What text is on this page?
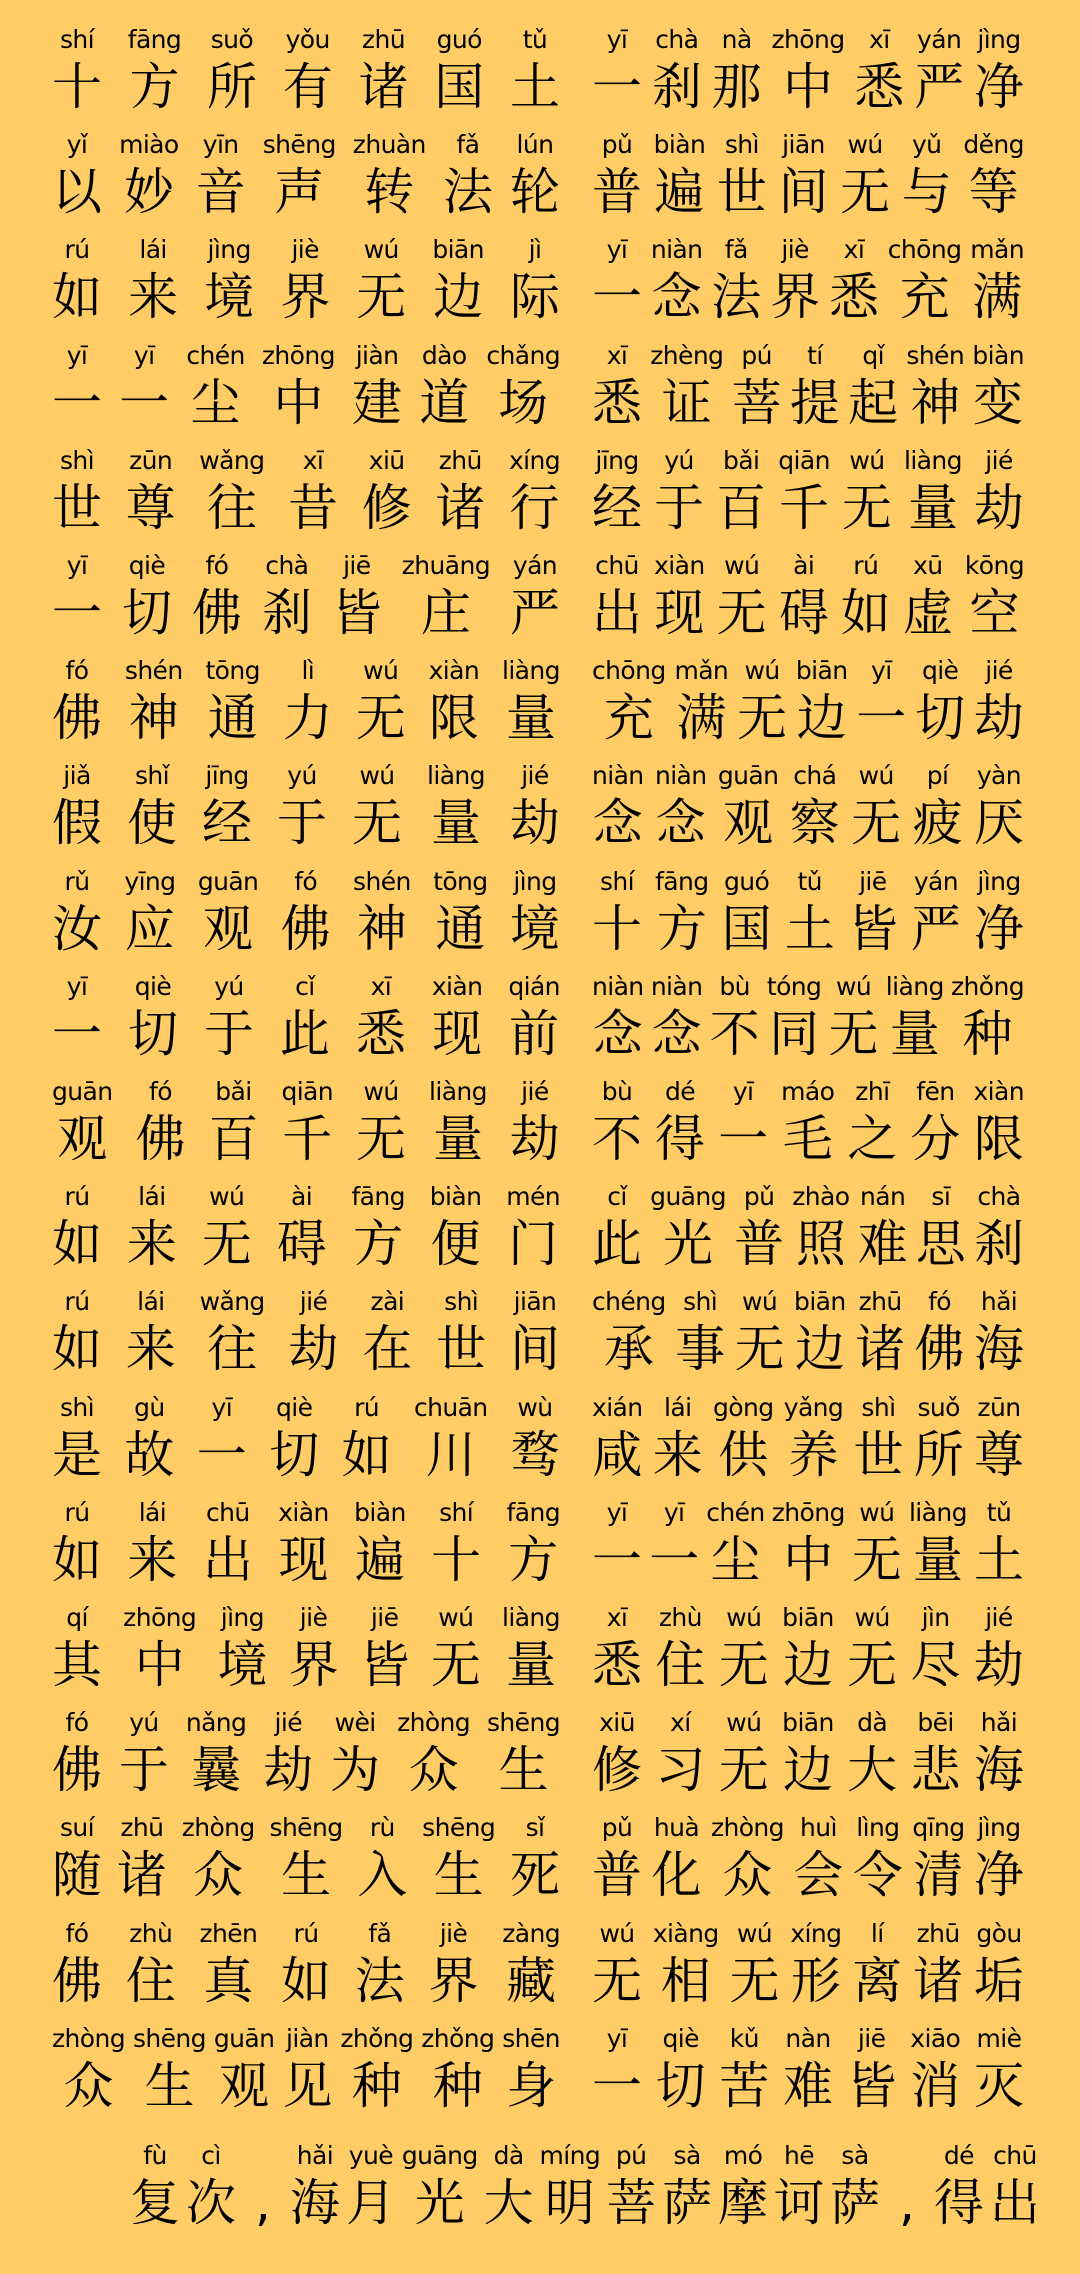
shí
十
fāng
方
suǒ
所
yǒu
有
zhū
诸
guó
国
tǔ
土
yī
一
chà
刹
nà
那
zhōng
中
xī
悉
yán
严
jìng
净
yǐ
以
miào
妙
yīn
音
shēng
声
zhuàn
转
fǎ
法
lún
轮
pǔ
普
biàn
遍
shì
世
jiān
间
wú
无
yǔ
与
děng
等
rú
如
lái
来
jìng
境
jiè
界
wú
无
biān
边
jì
际
yī
一
niàn
念
fǎ
法
jiè
界
xī
悉
chōng
充
mǎn
满
yī
一
yī
一
chén
尘
zhōng
中
jiàn
建
dào
道
chǎng
场
xī
悉
zhèng
证
pú
菩
tí
提
qǐ
起
shén
神
biàn
变
shì
世
zūn
尊
wǎng
往
xī
昔
xiū
修
zhū
诸
xíng
行
jīng
经
yú
于
bǎi
百
qiān
千
wú
无
liàng
量
jié
劫
yī
一
qiè
切
fó
佛
chà
刹
jiē
皆
zhuāng
庄
yán
严
chū
出
xiàn
现
wú
无
ài
碍
rú
如
xū
虚
kōng
空
fó
佛
shén
神
tōng
通
lì
力
wú
无
xiàn
限
liàng
量
chōng
充
mǎn
满
wú
无
biān
边
yī
一
qiè
切
jié
劫
jiǎ
假
shǐ
使
jīng
经
yú
于
wú
无
liàng
量
jié
劫
niàn
念
niàn
念
guān
观
chá
察
wú
无
pí
疲
yàn
厌
rǔ
汝
yīng
应
guān
观
fó
佛
shén
神
tōng
通
jìng
境
shí
十
fāng
方
guó
国
tǔ
土
jiē
皆
yán
严
jìng
净
yī
一
qiè
切
yú
于
cǐ
此
xī
悉
xiàn
现
qián
前
niàn
念
niàn
念
bù
不
tóng
同
wú
无
liàng
量
zhǒng
种
guān
观
fó
佛
bǎi
百
qiān
千
wú
无
liàng
量
jié
劫
bù
不
dé
得
yī
一
máo
毛
zhī
之
fēn
分
xiàn
限
rú
如
lái
来
wú
无
ài
碍
fāng
方
biàn
便
mén
门
cǐ
此
guāng
光
pǔ
普
zhào
照
nán
难
sī
思
chà
刹
rú
如
lái
来
wǎng
往
jié
劫
zài
在
shì
世
jiān
间
chéng
承
shì
事
wú
无
biān
边
zhū
诸
fó
佛
hǎi
海
shì
是
gù
故
yī
一
qiè
切
rú
如
chuān
川
wù
骛
xián
咸
lái
来
gòng
供
yǎng
养
shì
世
suǒ
所
zūn
尊
rú
如
lái
来
chū
出
xiàn
现
biàn
遍
shí
十
fāng
方
yī
一
yī
一
chén
尘
zhōng
中
wú
无
liàng
量
tǔ
土
qí
其
zhōng
中
jìng
境
jiè
界
jiē
皆
wú
无
liàng
量
xī
悉
zhù
住
wú
无
biān
边
wú
无
jìn
尽
jié
劫
fó
佛
yú
于
nǎng
曩
jié
劫
wèi
为
zhòng
众
shēng
生
xiū
修
xí
习
wú
无
biān
边
dà
大
bēi
悲
hǎi
海
suí
随
zhū
诸
zhòng
众
shēng
生
rù
入
shēng
生
sǐ
死
pǔ
普
huà
化
zhòng
众
huì
会
lìng
令
qīng
清
jìng
净
fó
佛
zhù
住
zhēn
真
rú
如
fǎ
法
jiè
界
zàng
藏
wú
无
xiàng
相
wú
无
xíng
形
lí
离
zhū
诸
gòu
垢
zhòng
众
shēng
生
guān
观
jiàn
见
zhǒng
种
zhǒng
种
shēn
身
yī
一
qiè
切
kǔ
苦
nàn
难
jiē
皆
xiāo
消
miè
灭
fù
复
cì
次 ,
hǎi
海
yuè
月
guāng
光
dà
大
míng
明
pú
菩
sà
萨
mó
摩
hē
诃
sà
萨 ,
dé
得
chū
出
